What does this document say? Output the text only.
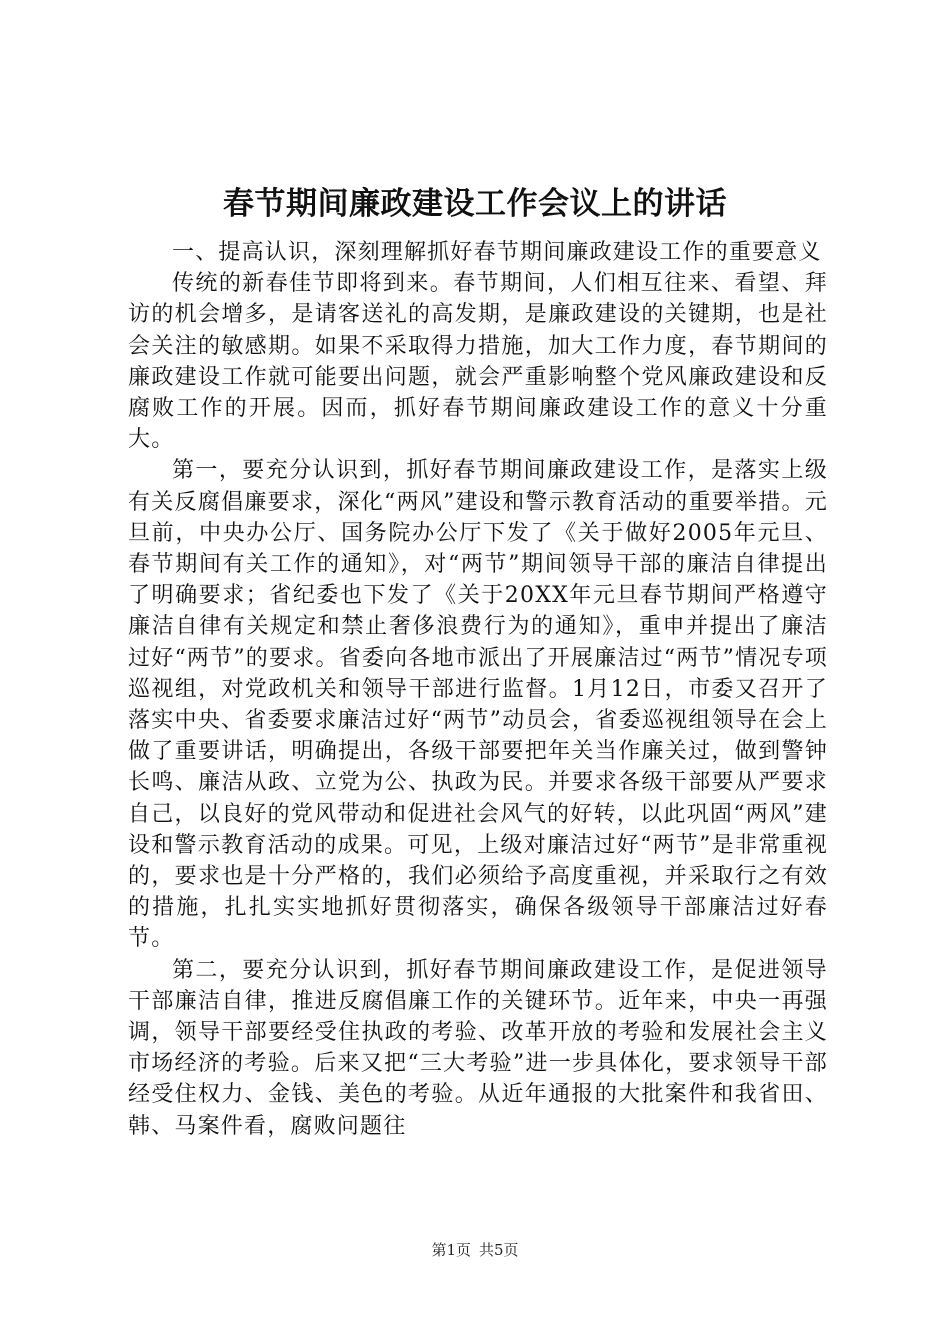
春节期间廉政建设工作会议上的讲话

一、提高认识，深刻理解抓好春节期间廉政建设工作的重要意义

传统的新春佳节即将到来。春节期间，人们相互往来、看望、拜访的机会增多，是请客送礼的高发期，是廉政建设的关键期，也是社会关注的敏感期。如果不采取得力措施，加大工作力度，春节期间的廉政建设工作就可能要出问题，就会严重影响整个党风廉政建设和反腐败工作的开展。因而，抓好春节期间廉政建设工作的意义十分重大。

第一，要充分认识到，抓好春节期间廉政建设工作，是落实上级有关反腐倡廉要求，深化“两风”建设和警示教育活动的重要举措。元旦前，中央办公厅、国务院办公厅下发了《关于做好2005年元旦、春节期间有关工作的通知》，对“两节”期间领导干部的廉洁自律提出了明确要求；省纪委也下发了《关于20XX年元旦春节期间严格遵守廉洁自律有关规定和禁止奢侈浪费行为的通知》，重申并提出了廉洁过好“两节”的要求。省委向各地市派出了开展廉洁过“两节”情况专项巡视组，对党政机关和领导干部进行监督。1月12日，市委又召开了落实中央、省委要求廉洁过好“两节”动员会，省委巡视组领导在会上做了重要讲话，明确提出，各级干部要把年关当作廉关过，做到警钟长鸣、廉洁从政、立党为公、执政为民。并要求各级干部要从严要求自己，以良好的党风带动和促进社会风气的好转，以此巩固“两风”建设和警示教育活动的成果。可见，上级对廉洁过好“两节”是非常重视的，要求也是十分严格的，我们必须给予高度重视，并采取行之有效的措施，扎扎实实地抓好贯彻落实，确保各级领导干部廉洁过好春节。

第二，要充分认识到，抓好春节期间廉政建设工作，是促进领导干部廉洁自律，推进反腐倡廉工作的关键环节。近年来，中央一再强调，领导干部要经受住执政的考验、改革开放的考验和发展社会主义市场经济的考验。后来又把“三大考验”进一步具体化，要求领导干部经受住权力、金钱、美色的考验。从近年通报的大批案件和我省田、韩、马案件看，腐败问题往

第1页 共5页
